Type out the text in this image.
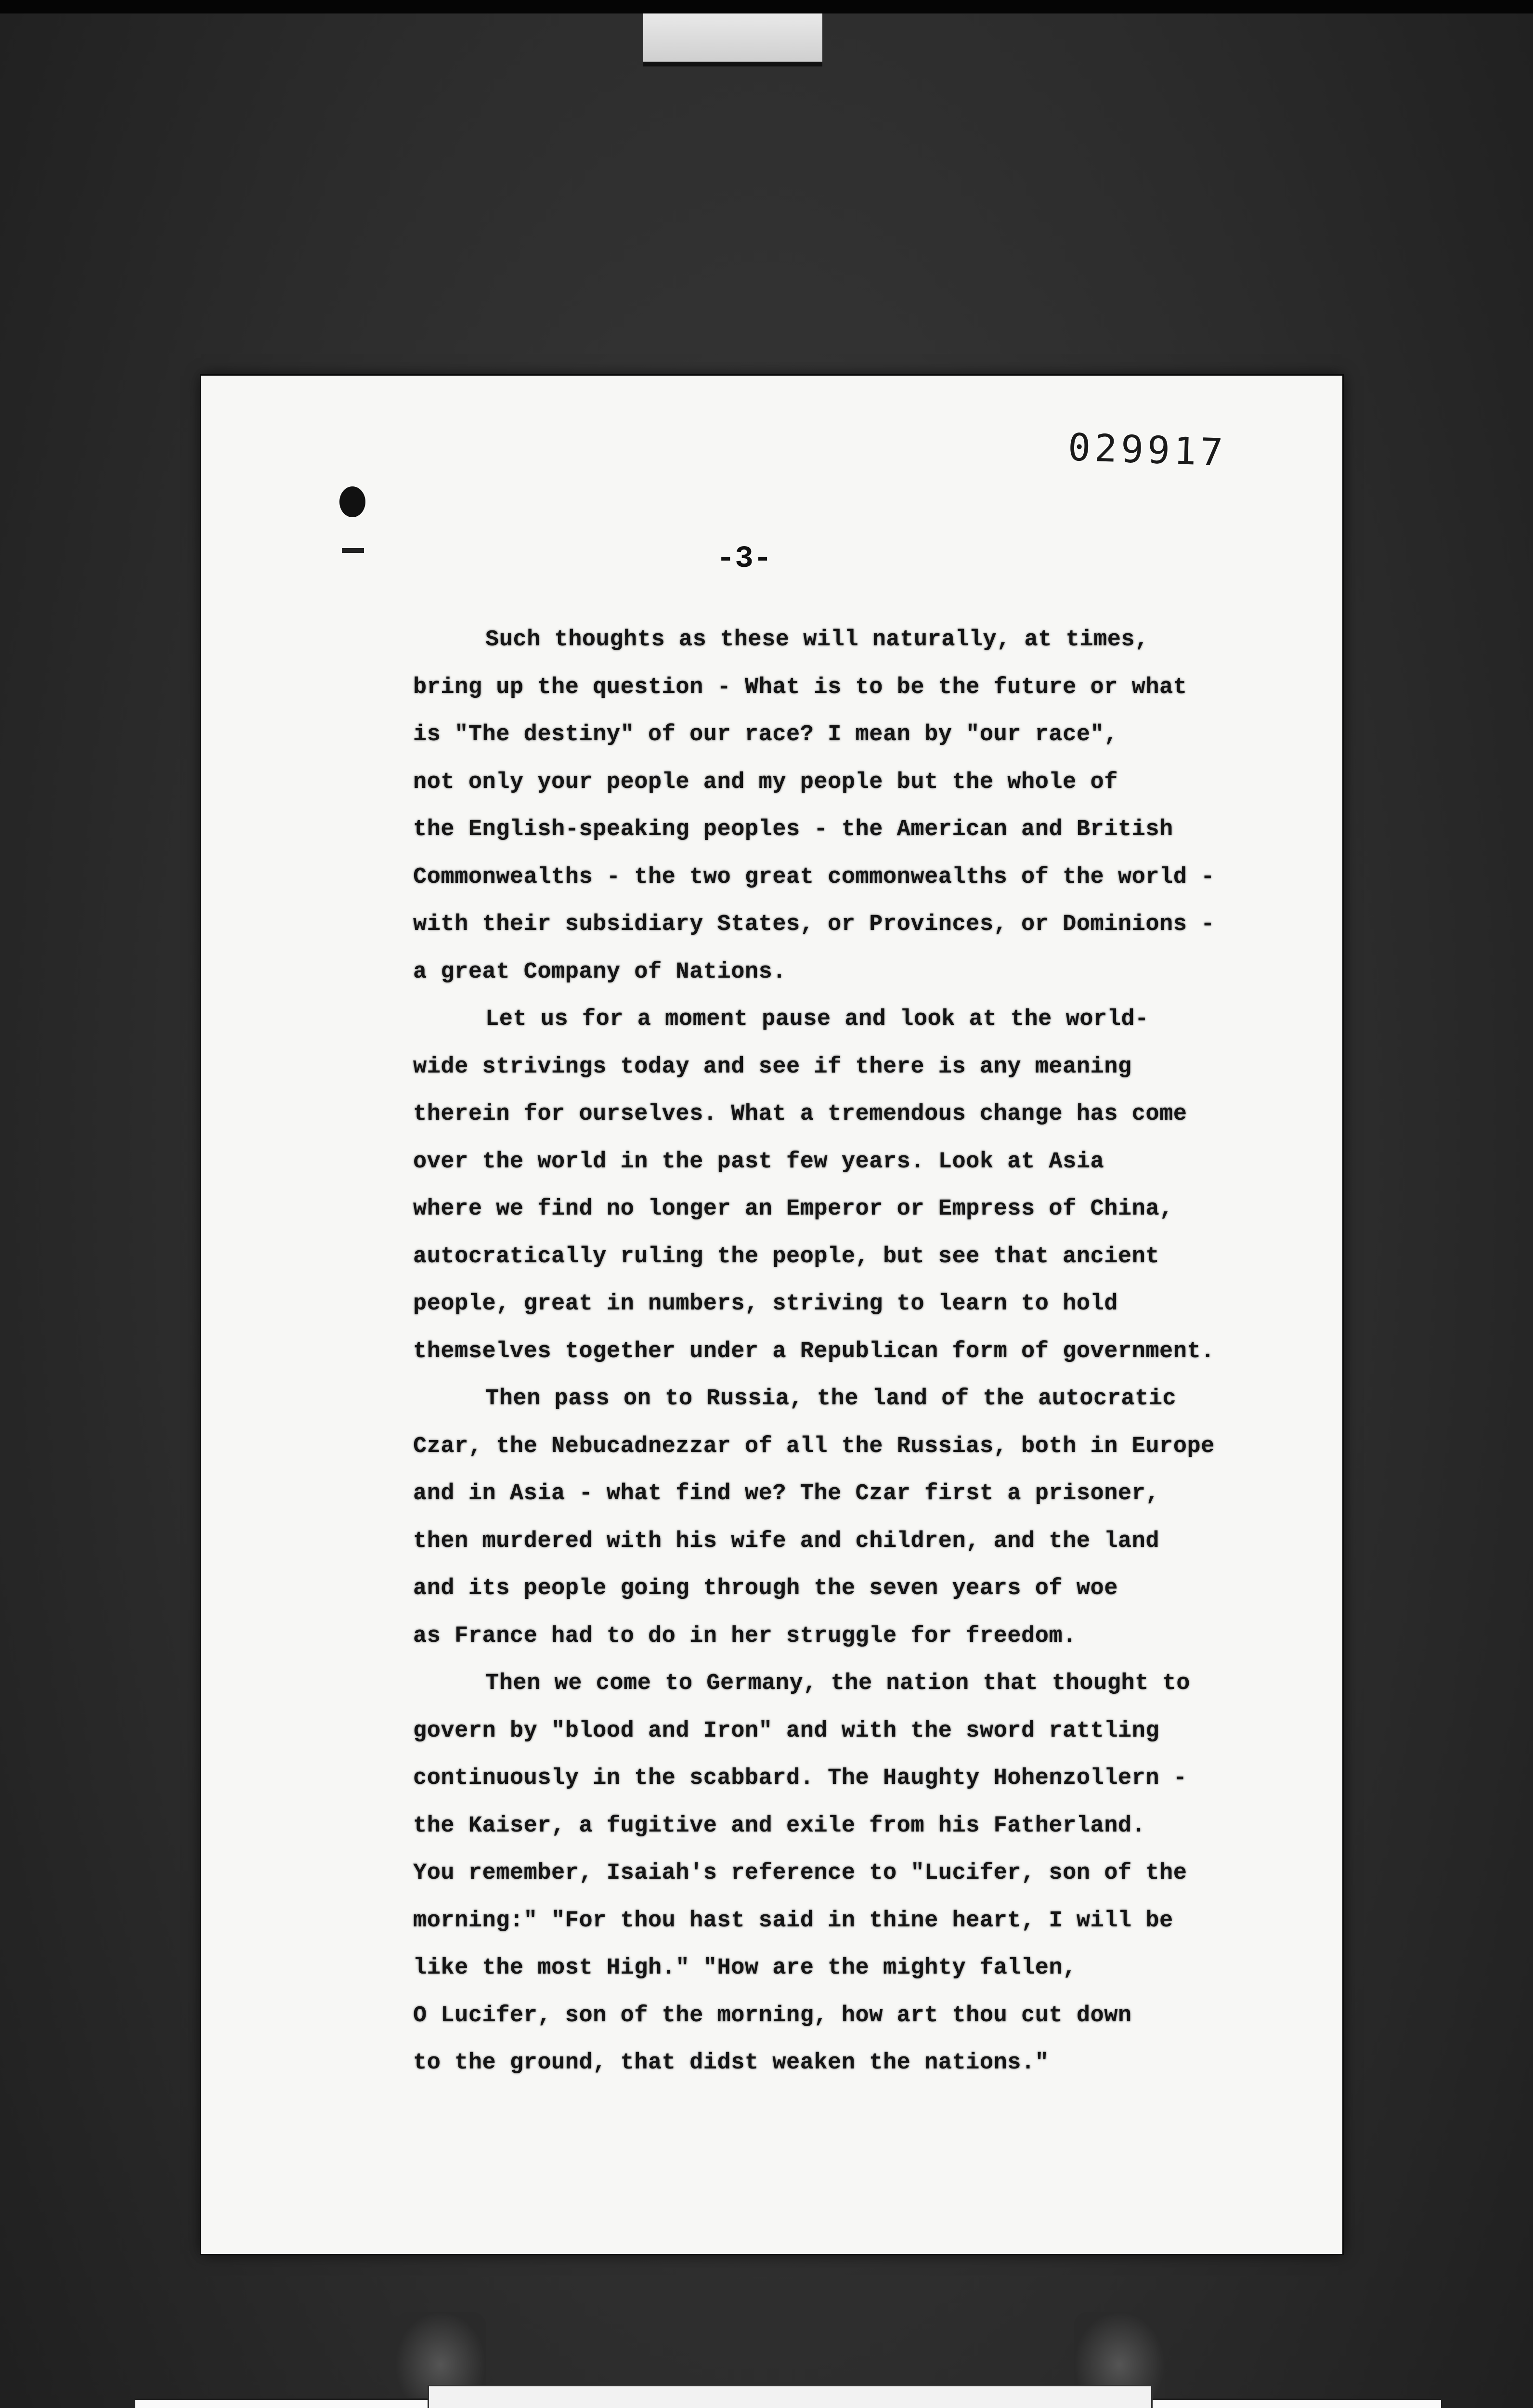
029917
-3-

Such thoughts as these will naturally, at times,
bring up the question - What is to be the future or what
is "The destiny" of our race? I mean by "our race",
not only your people and my people but the whole of
the English-speaking peoples - the American and British
Commonwealths - the two great commonwealths of the world -
with their subsidiary States, or Provinces, or Dominions -
a great Company of Nations.

Let us for a moment pause and look at the world-
wide strivings today and see if there is any meaning
therein for ourselves. What a tremendous change has come
over the world in the past few years. Look at Asia
where we find no longer an Emperor or Empress of China,
autocratically ruling the people, but see that ancient
people, great in numbers, striving to learn to hold
themselves together under a Republican form of government.

Then pass on to Russia, the land of the autocratic
Czar, the Nebucadnezzar of all the Russias, both in Europe
and in Asia - what find we? The Czar first a prisoner,
then murdered with his wife and children, and the land
and its people going through the seven years of woe
as France had to do in her struggle for freedom.

Then we come to Germany, the nation that thought to
govern by "blood and Iron" and with the sword rattling
continuously in the scabbard. The Haughty Hohenzollern -
the Kaiser, a fugitive and exile from his Fatherland.
You remember, Isaiah's reference to "Lucifer, son of the
morning:" "For thou hast said in thine heart, I will be
like the most High." "How are the mighty fallen,
O Lucifer, son of the morning, how art thou cut down
to the ground, that didst weaken the nations."
